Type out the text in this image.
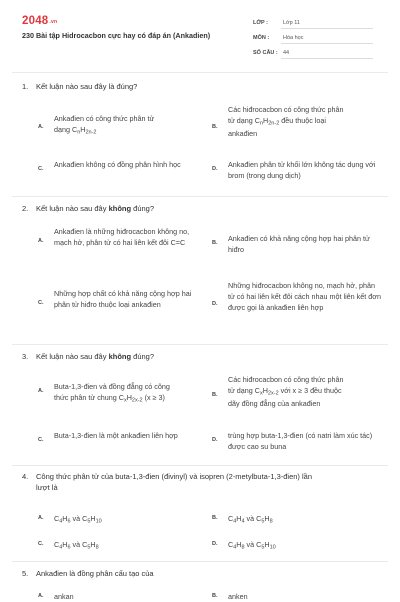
2048.vn
230 Bài tập Hidrocacbon cực hay có đáp án (Ankadien)
LỚP :	Lớp 11
MÔN :	Hóa học
SỐ CÂU : 44
1. Kết luận nào sau đây là đúng?
A.
Ankađien có công thức phân tử
dạng $C_nH_{2n-2}$
B.
Các hiđrocacbon có công thức phân
tử dạng $C_nH_{2n-2}$ đều thuộc loại
ankađien
C. Ankađien không có đồng phân hình học	D. Ankađien phân tử khối lớn không tác dụng với brom (trong dung dịch)
2. Kết luận nào sau đây không đúng?
A.
Ankađien là những hiđrocacbon không no, mạch hở, phân tử có hai liên kết đôi C=C	B. Ankađien có khả năng cộng hợp hai phân tử hiđro
C.
Những hợp chất có khả năng cộng hợp hai phân tử hiđro thuộc loại ankađien	D.
Những hiđrocacbon không no, mạch hở, phân tử có hai liên kết đôi cách nhau một liên kết đơn được gọi là ankađien liên hợp
3. Kết luận nào sau đây không đúng?
A. Buta-1,3-đien và đồng đẳng có công
thức phân tử chung $C_xH_{2x-2}$ (x ≥ 3)	B.
Các hiđrocacbon có công thức phân
tử dạng $C_xH_{2x-2}$ với x ≥ 3 đều thuộc
dãy đồng đẳng của ankađien
C. Buta-1,3-đien là một ankađien liên hợp	D. trùng hợp buta-1,3-đien (có natri làm xúc tác) được cao su buna
4. Công thức phân tử của buta-1,3-đien (đivinyl) và isopren (2-metylbuta-1,3-đien) lần
lượt là
A. $C_4H_6$ và $C_5H_{10}$
B. $C_4H_4$ và $C_5H_8$
C. $C_4H_6$ và $C_5H_8$
D. $C_4H_8$ và $C_5H_{10}$
5. Ankađien là đồng phân cấu tạo của
A. ankan	B. anken
